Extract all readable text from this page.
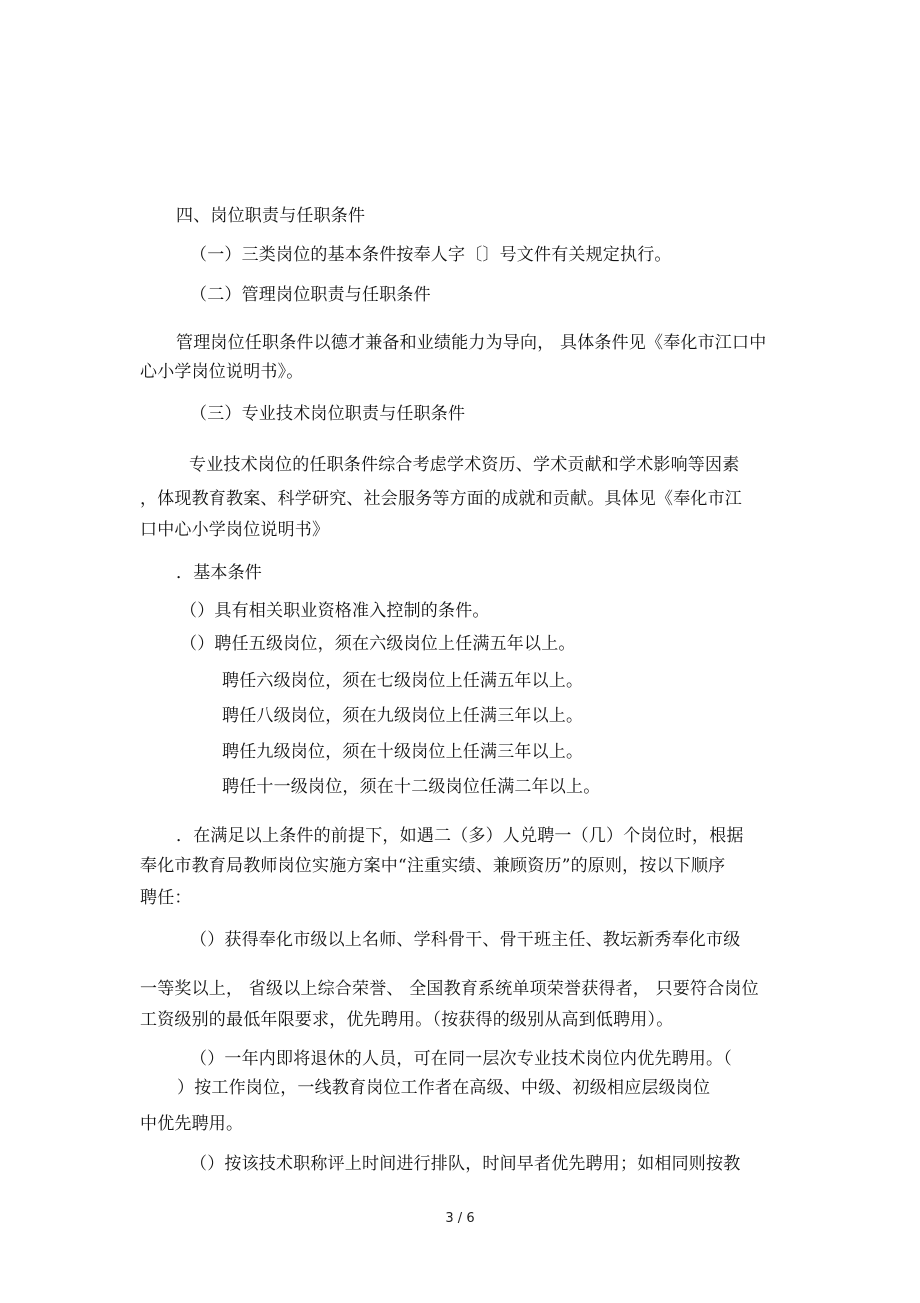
四、岗位职责与任职条件
（一）三类岗位的基本条件按奉人字〔〕号文件有关规定执行。
（二）管理岗位职责与任职条件
管理岗位任职条件以德才兼备和业绩能力为导向， 具体条件见《奉化市江口中
心小学岗位说明书》。
（三）专业技术岗位职责与任职条件
专业技术岗位的任职条件综合考虑学术资历、学术贡献和学术影响等因素
，体现教育教案、科学研究、社会服务等方面的成就和贡献。具体见《奉化市江
口中心小学岗位说明书》
．基本条件
（）具有相关职业资格准入控制的条件。
（）聘任五级岗位，须在六级岗位上任满五年以上。
聘任六级岗位，须在七级岗位上任满五年以上。
聘任八级岗位，须在九级岗位上任满三年以上。
聘任九级岗位，须在十级岗位上任满三年以上。
聘任十一级岗位，须在十二级岗位任满二年以上。
．在满足以上条件的前提下，如遇二（多）人兑聘一（几）个岗位时，根据
奉化市教育局教师岗位实施方案中“注重实绩、兼顾资历”的原则，按以下顺序
聘任：
（）获得奉化市级以上名师、学科骨干、骨干班主任、教坛新秀奉化市级
一等奖以上， 省级以上综合荣誉、 全国教育系统单项荣誉获得者， 只要符合岗位
工资级别的最低年限要求，优先聘用。（按获得的级别从高到低聘用）。
（）一年内即将退休的人员，可在同一层次专业技术岗位内优先聘用。（
）按工作岗位，一线教育岗位工作者在高级、中级、初级相应层级岗位
中优先聘用。
（）按该技术职称评上时间进行排队，时间早者优先聘用；如相同则按教
3 / 6
